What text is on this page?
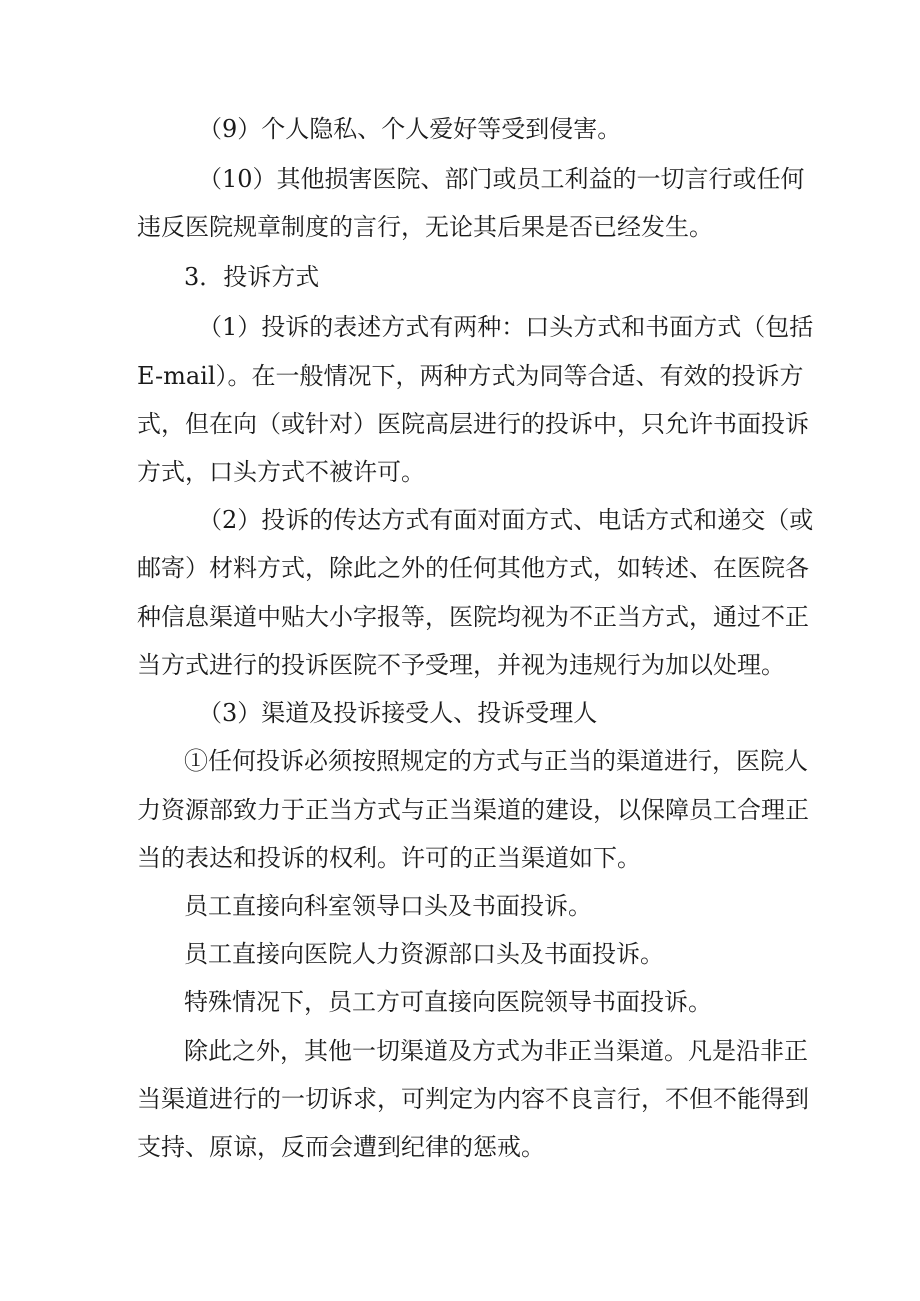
（9）个人隐私、个人爱好等受到侵害。
（10）其他损害医院、部门或员工利益的一切言行或任何
违反医院规章制度的言行，无论其后果是否已经发生。
3．投诉方式
（1）投诉的表述方式有两种：口头方式和书面方式（包括
E-mail）。在一般情况下，两种方式为同等合适、有效的投诉方
式，但在向（或针对）医院高层进行的投诉中，只允许书面投诉
方式，口头方式不被许可。
（2）投诉的传达方式有面对面方式、电话方式和递交（或
邮寄）材料方式，除此之外的任何其他方式，如转述、在医院各
种信息渠道中贴大小字报等，医院均视为不正当方式，通过不正
当方式进行的投诉医院不予受理，并视为违规行为加以处理。
（3）渠道及投诉接受人、投诉受理人
①任何投诉必须按照规定的方式与正当的渠道进行，医院人
力资源部致力于正当方式与正当渠道的建设，以保障员工合理正
当的表达和投诉的权利。许可的正当渠道如下。
员工直接向科室领导口头及书面投诉。
员工直接向医院人力资源部口头及书面投诉。
特殊情况下，员工方可直接向医院领导书面投诉。
除此之外，其他一切渠道及方式为非正当渠道。凡是沿非正
当渠道进行的一切诉求，可判定为内容不良言行，不但不能得到
支持、原谅，反而会遭到纪律的惩戒。
